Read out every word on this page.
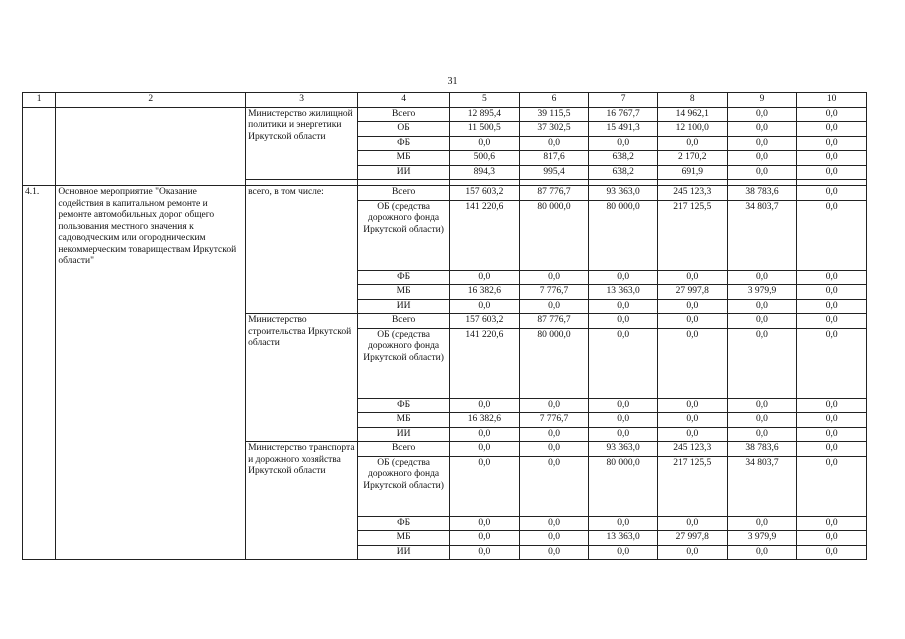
31
1	2	3	4	5	6	7	8	9	10
		Министерство жилищной политики и энергетики Иркутской области	Всего	12 895,4	39 115,5	16 767,7	14 962,1	0,0	0,0
			ОБ	11 500,5	37 302,5	15 491,3	12 100,0	0,0	0,0
			ФБ	0,0	0,0	0,0	0,0	0,0	0,0
			МБ	500,6	817,6	638,2	2 170,2	0,0	0,0
			ИИ	894,3	995,4	638,2	691,9	0,0	0,0

4.1.	Основное мероприятие "Оказание содействия в капитальном ремонте и ремонте автомобильных дорог общего пользования местного значения к садоводческим или огородническим некоммерческим товариществам Иркутской области"	всего, в том числе:	Всего	157 603,2	87 776,7	93 363,0	245 123,3	38 783,6	0,0
			ОБ (средства дорожного фонда Иркутской области)	141 220,6	80 000,0	80 000,0	217 125,5	34 803,7	0,0
			ФБ	0,0	0,0	0,0	0,0	0,0	0,0
			МБ	16 382,6	7 776,7	13 363,0	27 997,8	3 979,9	0,0
			ИИ	0,0	0,0	0,0	0,0	0,0	0,0
		Министерство строительства Иркутской области	Всего	157 603,2	87 776,7	0,0	0,0	0,0	0,0
			ОБ (средства дорожного фонда Иркутской области)	141 220,6	80 000,0	0,0	0,0	0,0	0,0
			ФБ	0,0	0,0	0,0	0,0	0,0	0,0
			МБ	16 382,6	7 776,7	0,0	0,0	0,0	0,0
			ИИ	0,0	0,0	0,0	0,0	0,0	0,0
		Министерство транспорта и дорожного хозяйства Иркутской области	Всего	0,0	0,0	93 363,0	245 123,3	38 783,6	0,0
			ОБ (средства дорожного фонда Иркутской области)	0,0	0,0	80 000,0	217 125,5	34 803,7	0,0
			ФБ	0,0	0,0	0,0	0,0	0,0	0,0
			МБ	0,0	0,0	13 363,0	27 997,8	3 979,9	0,0
			ИИ	0,0	0,0	0,0	0,0	0,0	0,0
